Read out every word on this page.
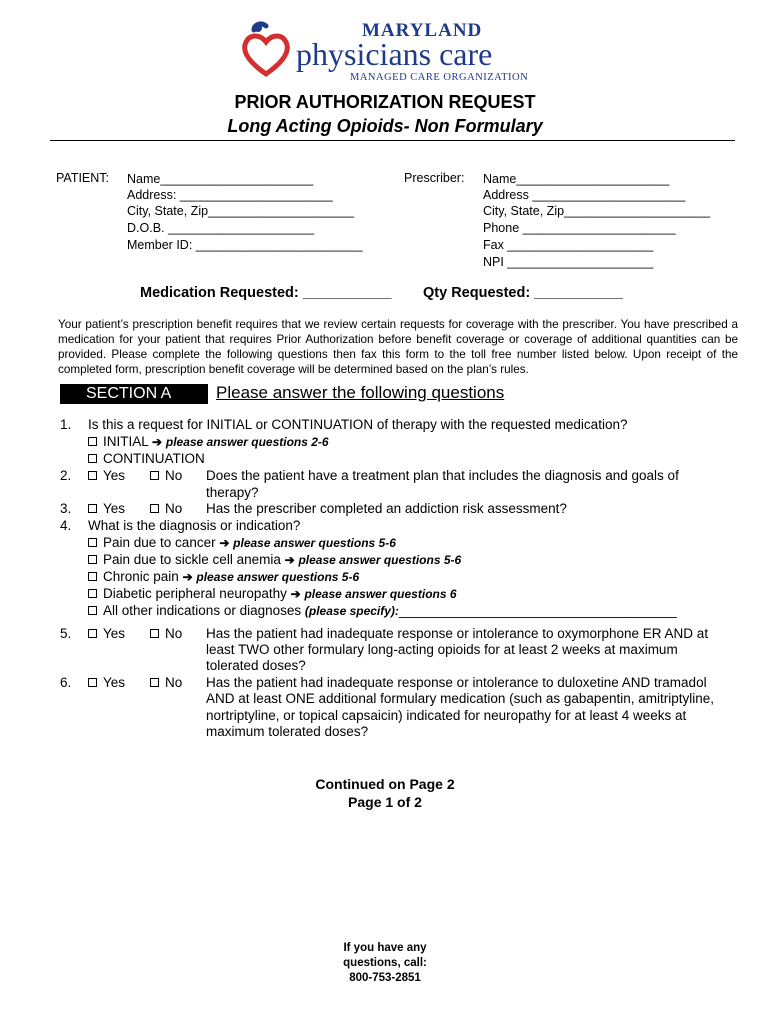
MARYLAND
physicians care
MANAGED CARE ORGANIZATION
PRIOR AUTHORIZATION REQUEST
Long Acting Opioids- Non Formulary
PATIENT: Name______________________
Address: ______________________
City, State, Zip_____________________
D.O.B. _____________________
Member ID: ________________________
Prescriber: Name______________________
Address ______________________
City, State, Zip_____________________
Phone ______________________
Fax _____________________
NPI _____________________
Medication Requested: ___________ Qty Requested: ___________
Your patient’s prescription benefit requires that we review certain requests for coverage with the prescriber. You have prescribed a medication for your patient that requires Prior Authorization before benefit coverage or coverage of additional quantities can be provided. Please complete the following questions then fax this form to the toll free number listed below. Upon receipt of the completed form, prescription benefit coverage will be determined based on the plan’s rules.
SECTION A	Please answer the following questions
1. Is this a request for INITIAL or CONTINUATION of therapy with the requested medication?
INITIAL ➔ please answer questions 2-6
CONTINUATION
2.	Yes	No Does the patient have a treatment plan that includes the diagnosis and goals of
therapy?
3.	Yes	No Has the prescriber completed an addiction risk assessment?
4. What is the diagnosis or indication?
Pain due to cancer ➔ please answer questions 5-6
Pain due to sickle cell anemia ➔ please answer questions 5-6
Chronic pain ➔ please answer questions 5-6
Diabetic peripheral neuropathy ➔ please answer questions 6
All other indications or diagnoses (please specify):_____________________________________
5.	Yes	No Has the patient had inadequate response or intolerance to oxymorphone ER AND at
least TWO other formulary long-acting opioids for at least 2 weeks at maximum
tolerated doses?
6.	Yes	No Has the patient had inadequate response or intolerance to duloxetine AND tramadol
AND at least ONE additional formulary medication (such as gabapentin, amitriptyline,
nortriptyline, or topical capsaicin) indicated for neuropathy for at least 4 weeks at
maximum tolerated doses?
Continued on Page 2
Page 1 of 2
If you have any
questions, call:
800-753-2851
